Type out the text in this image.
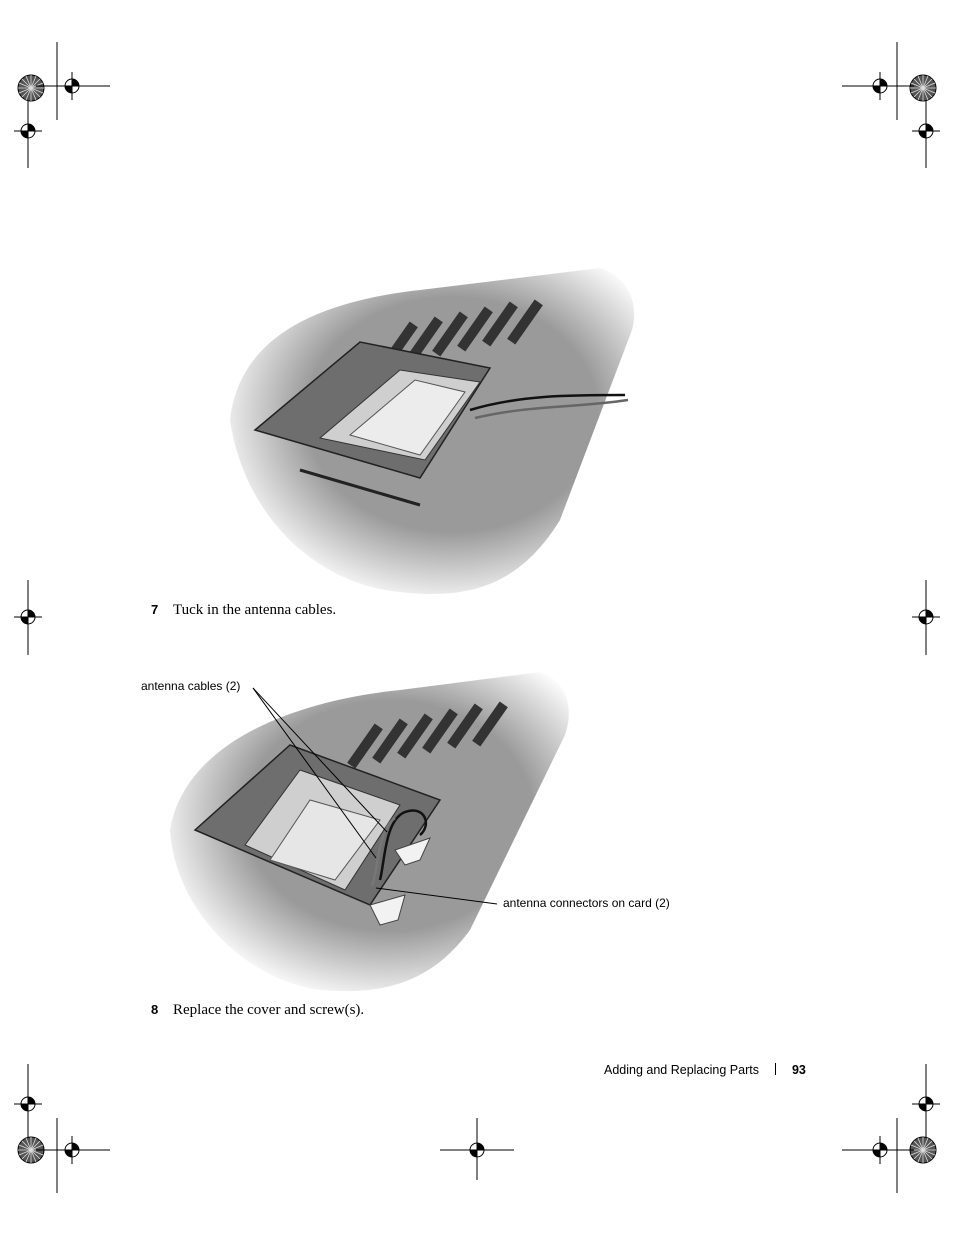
7 Tuck in the antenna cables.
antenna cables (2)
antenna connectors on card (2)
8 Replace the cover and screw(s).
Adding and Replacing Parts	93
